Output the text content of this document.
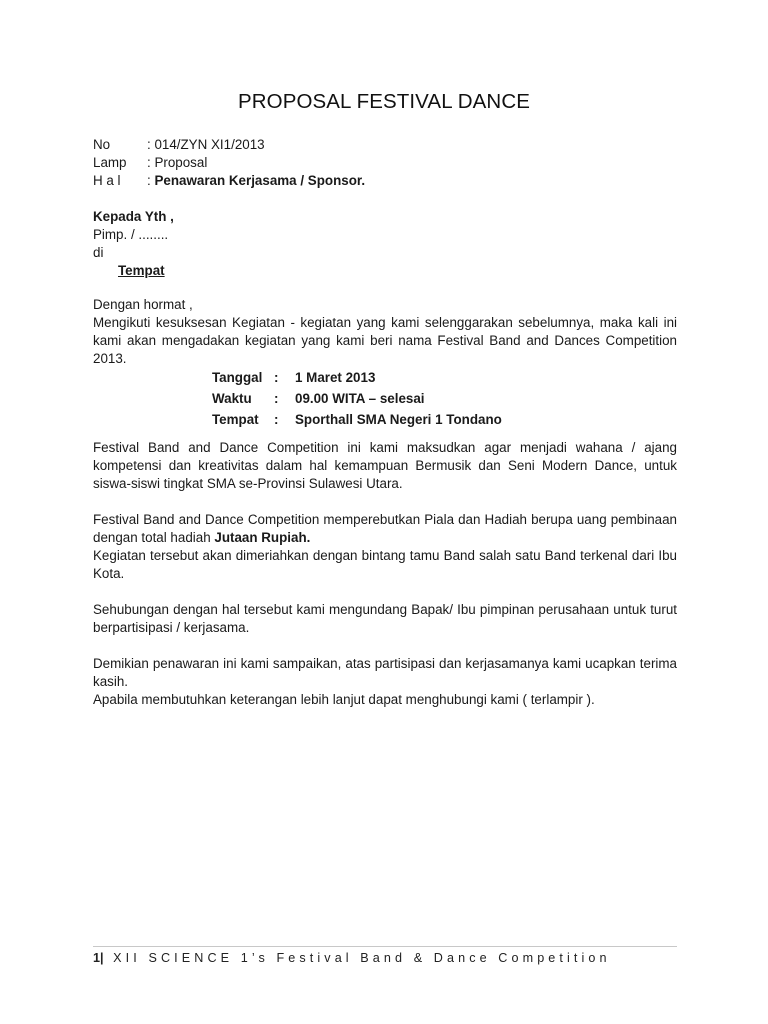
PROPOSAL FESTIVAL DANCE
No	: 014/ZYN XI1/2013
Lamp : Proposal
H a l : Penawaran Kerjasama / Sponsor.
Kepada Yth ,
Pimp. / ........
di
Tempat
Dengan hormat ,
Mengikuti kesuksesan Kegiatan - kegiatan yang kami selenggarakan sebelumnya, maka kali ini kami akan mengadakan kegiatan yang kami beri nama Festival Band and Dances Competition 2013.
Tanggal : 1 Maret 2013
Waktu : 09.00 WITA – selesai
Tempat : Sporthall SMA Negeri 1 Tondano
Festival Band and Dance Competition ini kami maksudkan agar menjadi wahana / ajang kompetensi dan kreativitas dalam hal kemampuan Bermusik dan Seni Modern Dance, untuk siswa-siswi tingkat SMA se-Provinsi Sulawesi Utara.
Festival Band and Dance Competition memperebutkan Piala dan Hadiah berupa uang pembinaan dengan total hadiah Jutaan Rupiah.
Kegiatan tersebut akan dimeriahkan dengan bintang tamu Band salah satu Band terkenal dari Ibu Kota.
Sehubungan dengan hal tersebut kami mengundang Bapak/ Ibu pimpinan perusahaan untuk turut berpartisipasi / kerjasama.
Demikian penawaran ini kami sampaikan, atas partisipasi dan kerjasamanya kami ucapkan terima kasih.
Apabila membutuhkan keterangan lebih lanjut dapat menghubungi kami ( terlampir ).
1| XII SCIENCE 1’s Festival Band & Dance Competition
